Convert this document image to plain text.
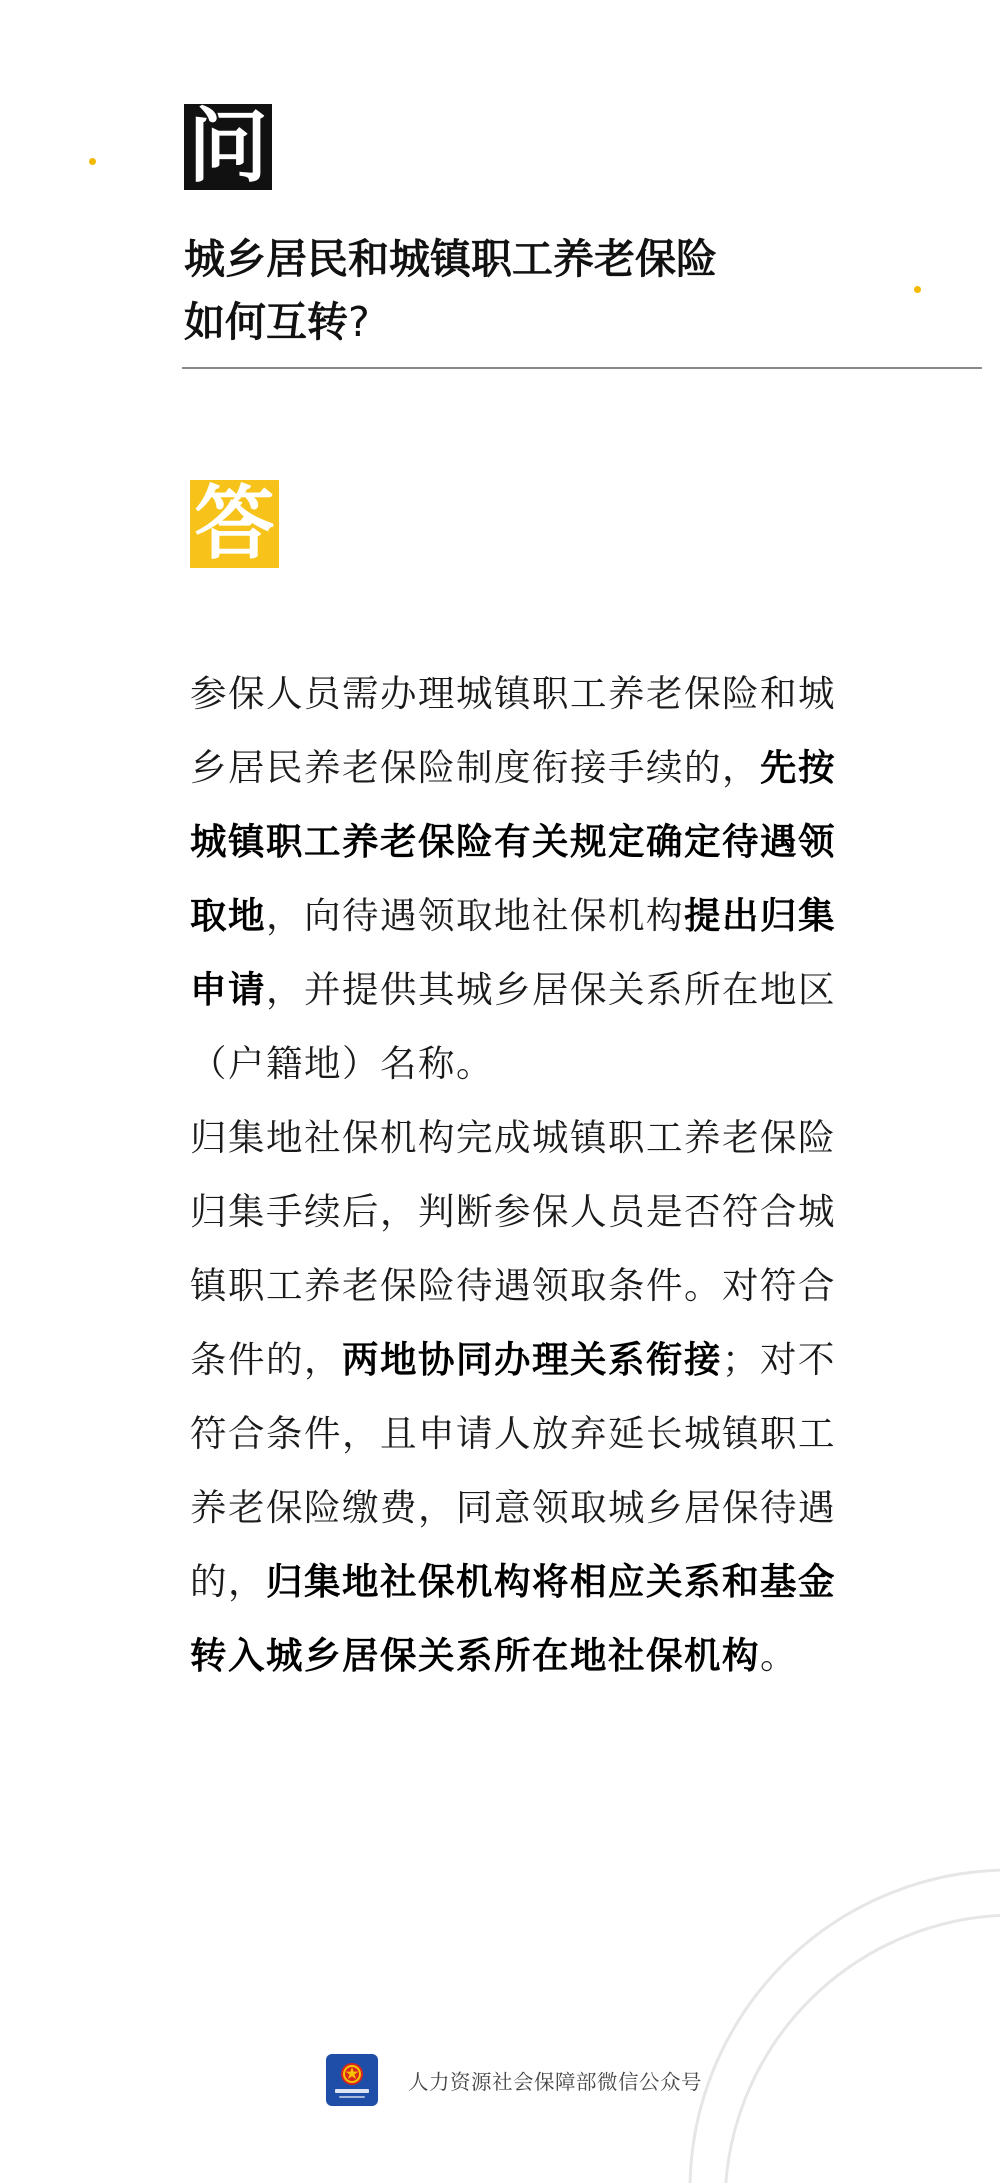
问
城乡居民和城镇职工养老保险
如何互转?
答

参保人员需办理城镇职工养老保险和城乡居民养老保险制度衔接手续的，先按城镇职工养老保险有关规定确定待遇领取地，向待遇领取地社保机构提出归集申请，并提供其城乡居保关系所在地区（户籍地）名称。

归集地社保机构完成城镇职工养老保险归集手续后，判断参保人员是否符合城镇职工养老保险待遇领取条件。对符合条件的，两地协同办理关系衔接；对不符合条件，且申请人放弃延长城镇职工养老保险缴费，同意领取城乡居保待遇的，归集地社保机构将相应关系和基金转入城乡居保关系所在地社保机构。

人力资源社会保障部微信公众号
